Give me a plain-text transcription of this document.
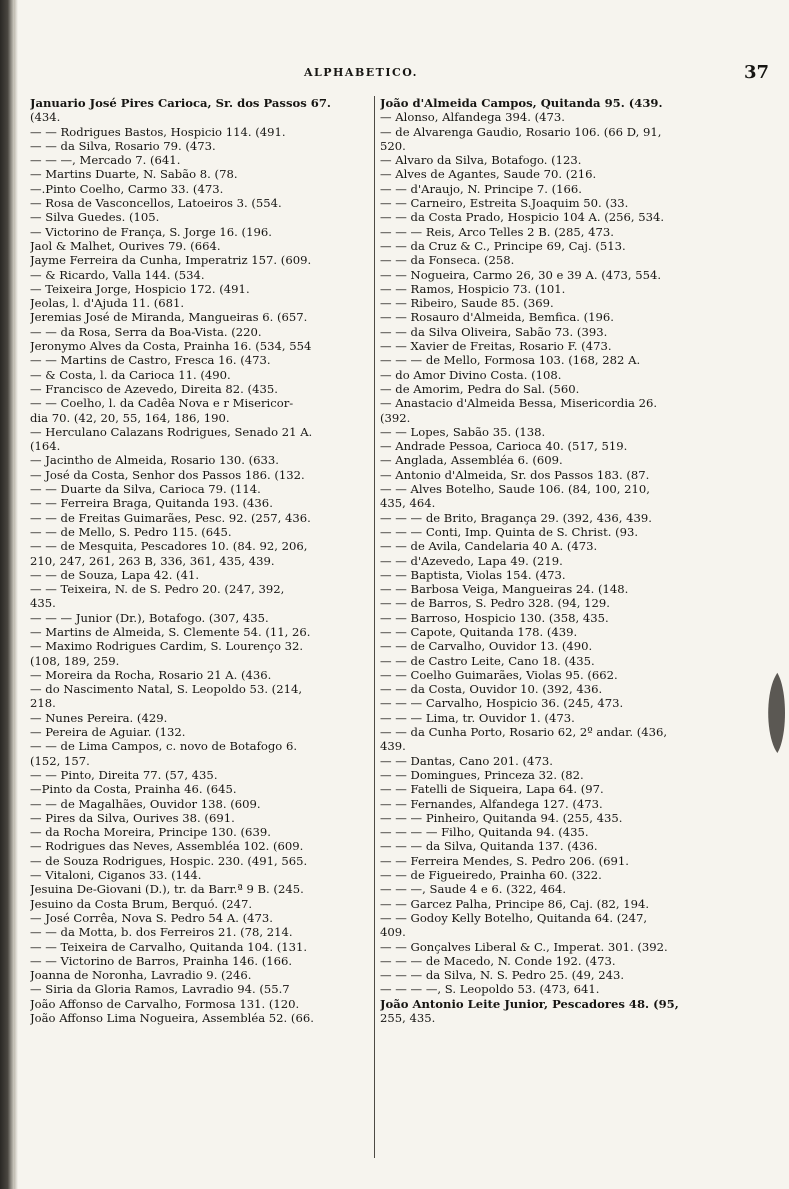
ALPHABETICO.	37
Januario José Pires Carioca, Sr. dos Passos 67.
(434.
— — Rodrigues Bastos, Hospicio 114. (491.
— — da Silva, Rosario 79. (473.
— — —, Mercado 7. (641.
— Martins Duarte, N. Sabão 8. (78.
—.Pinto Coelho, Carmo 33. (473.
— Rosa de Vasconcellos, Latoeiros 3. (554.
— Silva Guedes. (105.
— Victorino de França, S. Jorge 16. (196.
Jaol & Malhet, Ourives 79. (664.
Jayme Ferreira da Cunha, Imperatriz 157. (609.
— & Ricardo, Valla 144. (534.
— Teixeira Jorge, Hospicio 172. (491.
Jeolas, l. d'Ajuda 11. (681.
Jeremias José de Miranda, Mangueiras 6. (657.
— — da Rosa, Serra da Boa-Vista. (220.
Jeronymo Alves da Costa, Prainha 16. (534, 554
— — Martins de Castro, Fresca 16. (473.
— & Costa, l. da Carioca 11. (490.
— Francisco de Azevedo, Direita 82. (435.
— — Coelho, l. da Cadêa Nova e r Misericor-
dia 70. (42, 20, 55, 164, 186, 190.
— Herculano Calazans Rodrigues, Senado 21 A.
(164.
— Jacintho de Almeida, Rosario 130. (633.
— José da Costa, Senhor dos Passos 186. (132.
— — Duarte da Silva, Carioca 79. (114.
— — Ferreira Braga, Quitanda 193. (436.
— — de Freitas Guimarães, Pesc. 92. (257, 436.
— — de Mello, S. Pedro 115. (645.
— — de Mesquita, Pescadores 10. (84. 92, 206,
210, 247, 261, 263 B, 336, 361, 435, 439.
— — de Souza, Lapa 42. (41.
— — Teixeira, N. de S. Pedro 20. (247, 392,
435.
— — — Junior (Dr.), Botafogo. (307, 435.
— Martins de Almeida, S. Clemente 54. (11, 26.
— Maximo Rodrigues Cardim, S. Lourenço 32.
(108, 189, 259.
— Moreira da Rocha, Rosario 21 A. (436.
— do Nascimento Natal, S. Leopoldo 53. (214,
218.
— Nunes Pereira. (429.
— Pereira de Aguiar. (132.
— — de Lima Campos, c. novo de Botafogo 6.
(152, 157.
— — Pinto, Direita 77. (57, 435.
—Pinto da Costa, Prainha 46. (645.
— — de Magalhães, Ouvidor 138. (609.
— Pires da Silva, Ourives 38. (691.
— da Rocha Moreira, Principe 130. (639.
— Rodrigues das Neves, Assembléa 102. (609.
— de Souza Rodrigues, Hospic. 230. (491, 565.
— Vitaloni, Ciganos 33. (144.
Jesuina De-Giovani (D.), tr. da Barr.ª 9 B. (245.
Jesuino da Costa Brum, Berquó. (247.
— José Corrêa, Nova S. Pedro 54 A. (473.
— — da Motta, b. dos Ferreiros 21. (78, 214.
— — Teixeira de Carvalho, Quitanda 104. (131.
— — Victorino de Barros, Prainha 146. (166.
Joanna de Noronha, Lavradio 9. (246.
— Siria da Gloria Ramos, Lavradio 94. (55.7
João Affonso de Carvalho, Formosa 131. (120.
João Affonso Lima Nogueira, Assembléa 52. (66.
João d'Almeida Campos, Quitanda 95. (439.
— Alonso, Alfandega 394. (473.
— de Alvarenga Gaudio, Rosario 106. (66 D, 91,
520.
— Alvaro da Silva, Botafogo. (123.
— Alves de Agantes, Saude 70. (216.
— — d'Araujo, N. Principe 7. (166.
— — Carneiro, Estreita S.Joaquim 50. (33.
— — da Costa Prado, Hospicio 104 A. (256, 534.
— — — Reis, Arco Telles 2 B. (285, 473.
— — da Cruz & C., Principe 69, Caj. (513.
— — da Fonseca. (258.
— — Nogueira, Carmo 26, 30 e 39 A. (473, 554.
— — Ramos, Hospicio 73. (101.
— — Ribeiro, Saude 85. (369.
— — Rosauro d'Almeida, Bemfica. (196.
— — da Silva Oliveira, Sabão 73. (393.
— — Xavier de Freitas, Rosario F. (473.
— — — de Mello, Formosa 103. (168, 282 A.
— do Amor Divino Costa. (108.
— de Amorim, Pedra do Sal. (560.
— Anastacio d'Almeida Bessa, Misericordia 26.
(392.
— — Lopes, Sabão 35. (138.
— Andrade Pessoa, Carioca 40. (517, 519.
— Anglada, Assembléa 6. (609.
— Antonio d'Almeida, Sr. dos Passos 183. (87.
— — Alves Botelho, Saude 106. (84, 100, 210,
435, 464.
— — — de Brito, Bragança 29. (392, 436, 439.
— — — Conti, Imp. Quinta de S. Christ. (93.
— — de Avila, Candelaria 40 A. (473.
— — d'Azevedo, Lapa 49. (219.
— — Baptista, Violas 154. (473.
— — Barbosa Veiga, Mangueiras 24. (148.
— — de Barros, S. Pedro 328. (94, 129.
— — Barroso, Hospicio 130. (358, 435.
— — Capote, Quitanda 178. (439.
— — de Carvalho, Ouvidor 13. (490.
— — de Castro Leite, Cano 18. (435.
— — Coelho Guimarães, Violas 95. (662.
— — da Costa, Ouvidor 10. (392, 436.
— — — Carvalho, Hospicio 36. (245, 473.
— — — Lima, tr. Ouvidor 1. (473.
— — da Cunha Porto, Rosario 62, 2º andar. (436,
439.
— — Dantas, Cano 201. (473.
— — Domingues, Princeza 32. (82.
— — Fatelli de Siqueira, Lapa 64. (97.
— — Fernandes, Alfandega 127. (473.
— — — Pinheiro, Quitanda 94. (255, 435.
— — — — Filho, Quitanda 94. (435.
— — — da Silva, Quitanda 137. (436.
— — Ferreira Mendes, S. Pedro 206. (691.
— — de Figueiredo, Prainha 60. (322.
— — —, Saude 4 e 6. (322, 464.
— — Garcez Palha, Principe 86, Caj. (82, 194.
— — Godoy Kelly Botelho, Quitanda 64. (247,
409.
— — Gonçalves Liberal & C., Imperat. 301. (392.
— — — de Macedo, N. Conde 192. (473.
— — — da Silva, N. S. Pedro 25. (49, 243.
— — — —, S. Leopoldo 53. (473, 641.
João Antonio Leite Junior, Pescadores 48. (95,
255, 435.
